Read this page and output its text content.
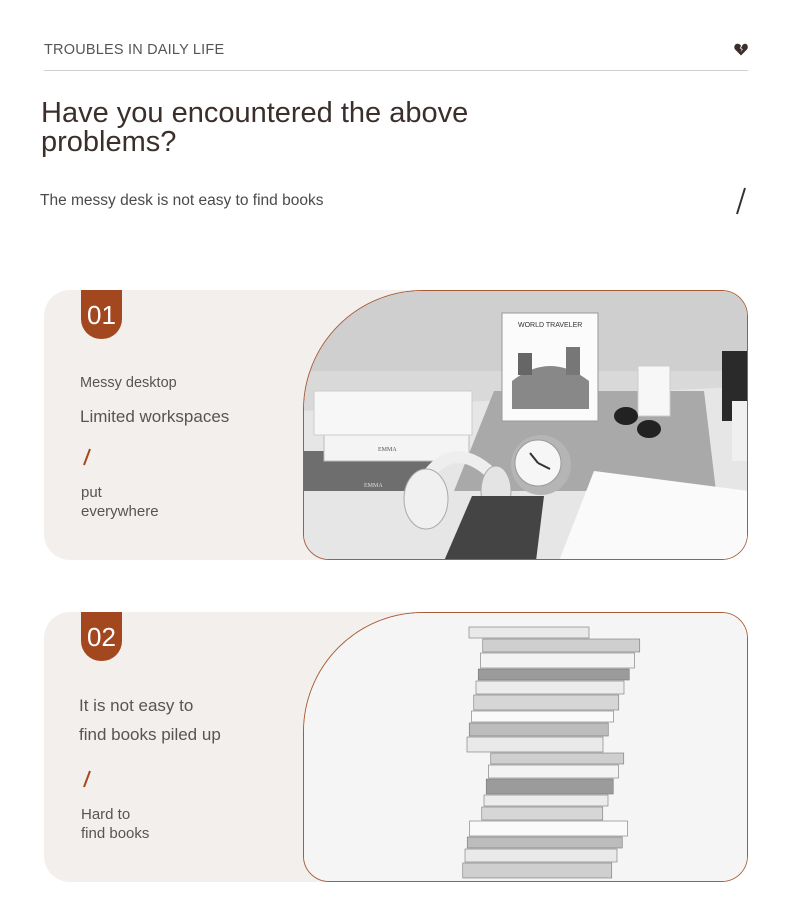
TROUBLES IN DAILY LIFE
Have you encountered the above
problems?
The messy desk is not easy to find books
01
Messy desktop
Limited workspaces
put
everywhere
EMMA
EMMA
WORLD TRAVELER
02
It is not easy to
find books piled up
Hard to
find books
